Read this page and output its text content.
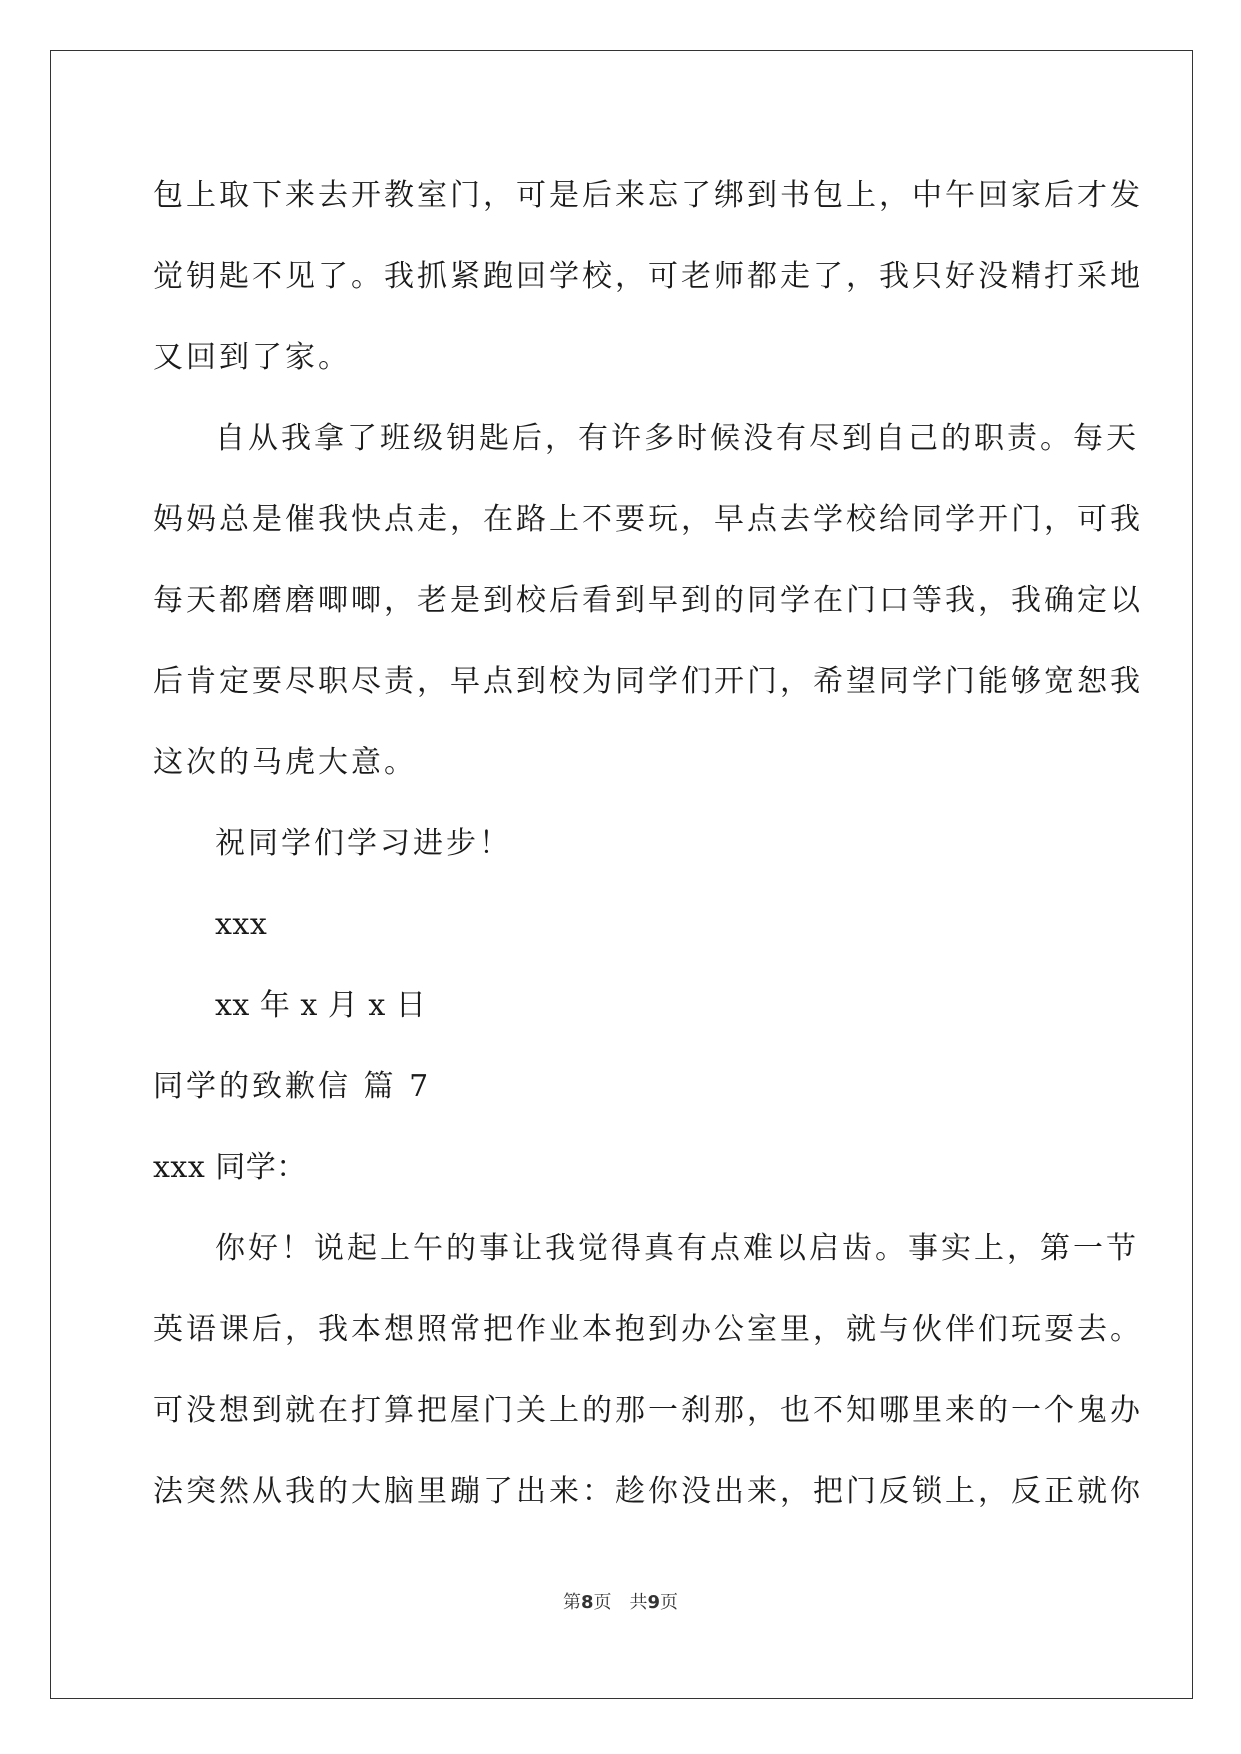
包上取下来去开教室门，可是后来忘了绑到书包上，中午回家后才发
觉钥匙不见了。我抓紧跑回学校，可老师都走了，我只好没精打采地
又回到了家。
自从我拿了班级钥匙后，有许多时候没有尽到自己的职责。每天
妈妈总是催我快点走，在路上不要玩，早点去学校给同学开门，可我
每天都磨磨唧唧，老是到校后看到早到的同学在门口等我，我确定以
后肯定要尽职尽责，早点到校为同学们开门，希望同学门能够宽恕我
这次的马虎大意。
祝同学们学习进步！
xxx
xx 年 x 月 x 日
同学的致歉信 篇 7
xxx 同学：
你好！说起上午的事让我觉得真有点难以启齿。事实上，第一节
英语课后，我本想照常把作业本抱到办公室里，就与伙伴们玩耍去。
可没想到就在打算把屋门关上的那一刹那，也不知哪里来的一个鬼办
法突然从我的大脑里蹦了出来：趁你没出来，把门反锁上，反正就你
第8页 共9页
